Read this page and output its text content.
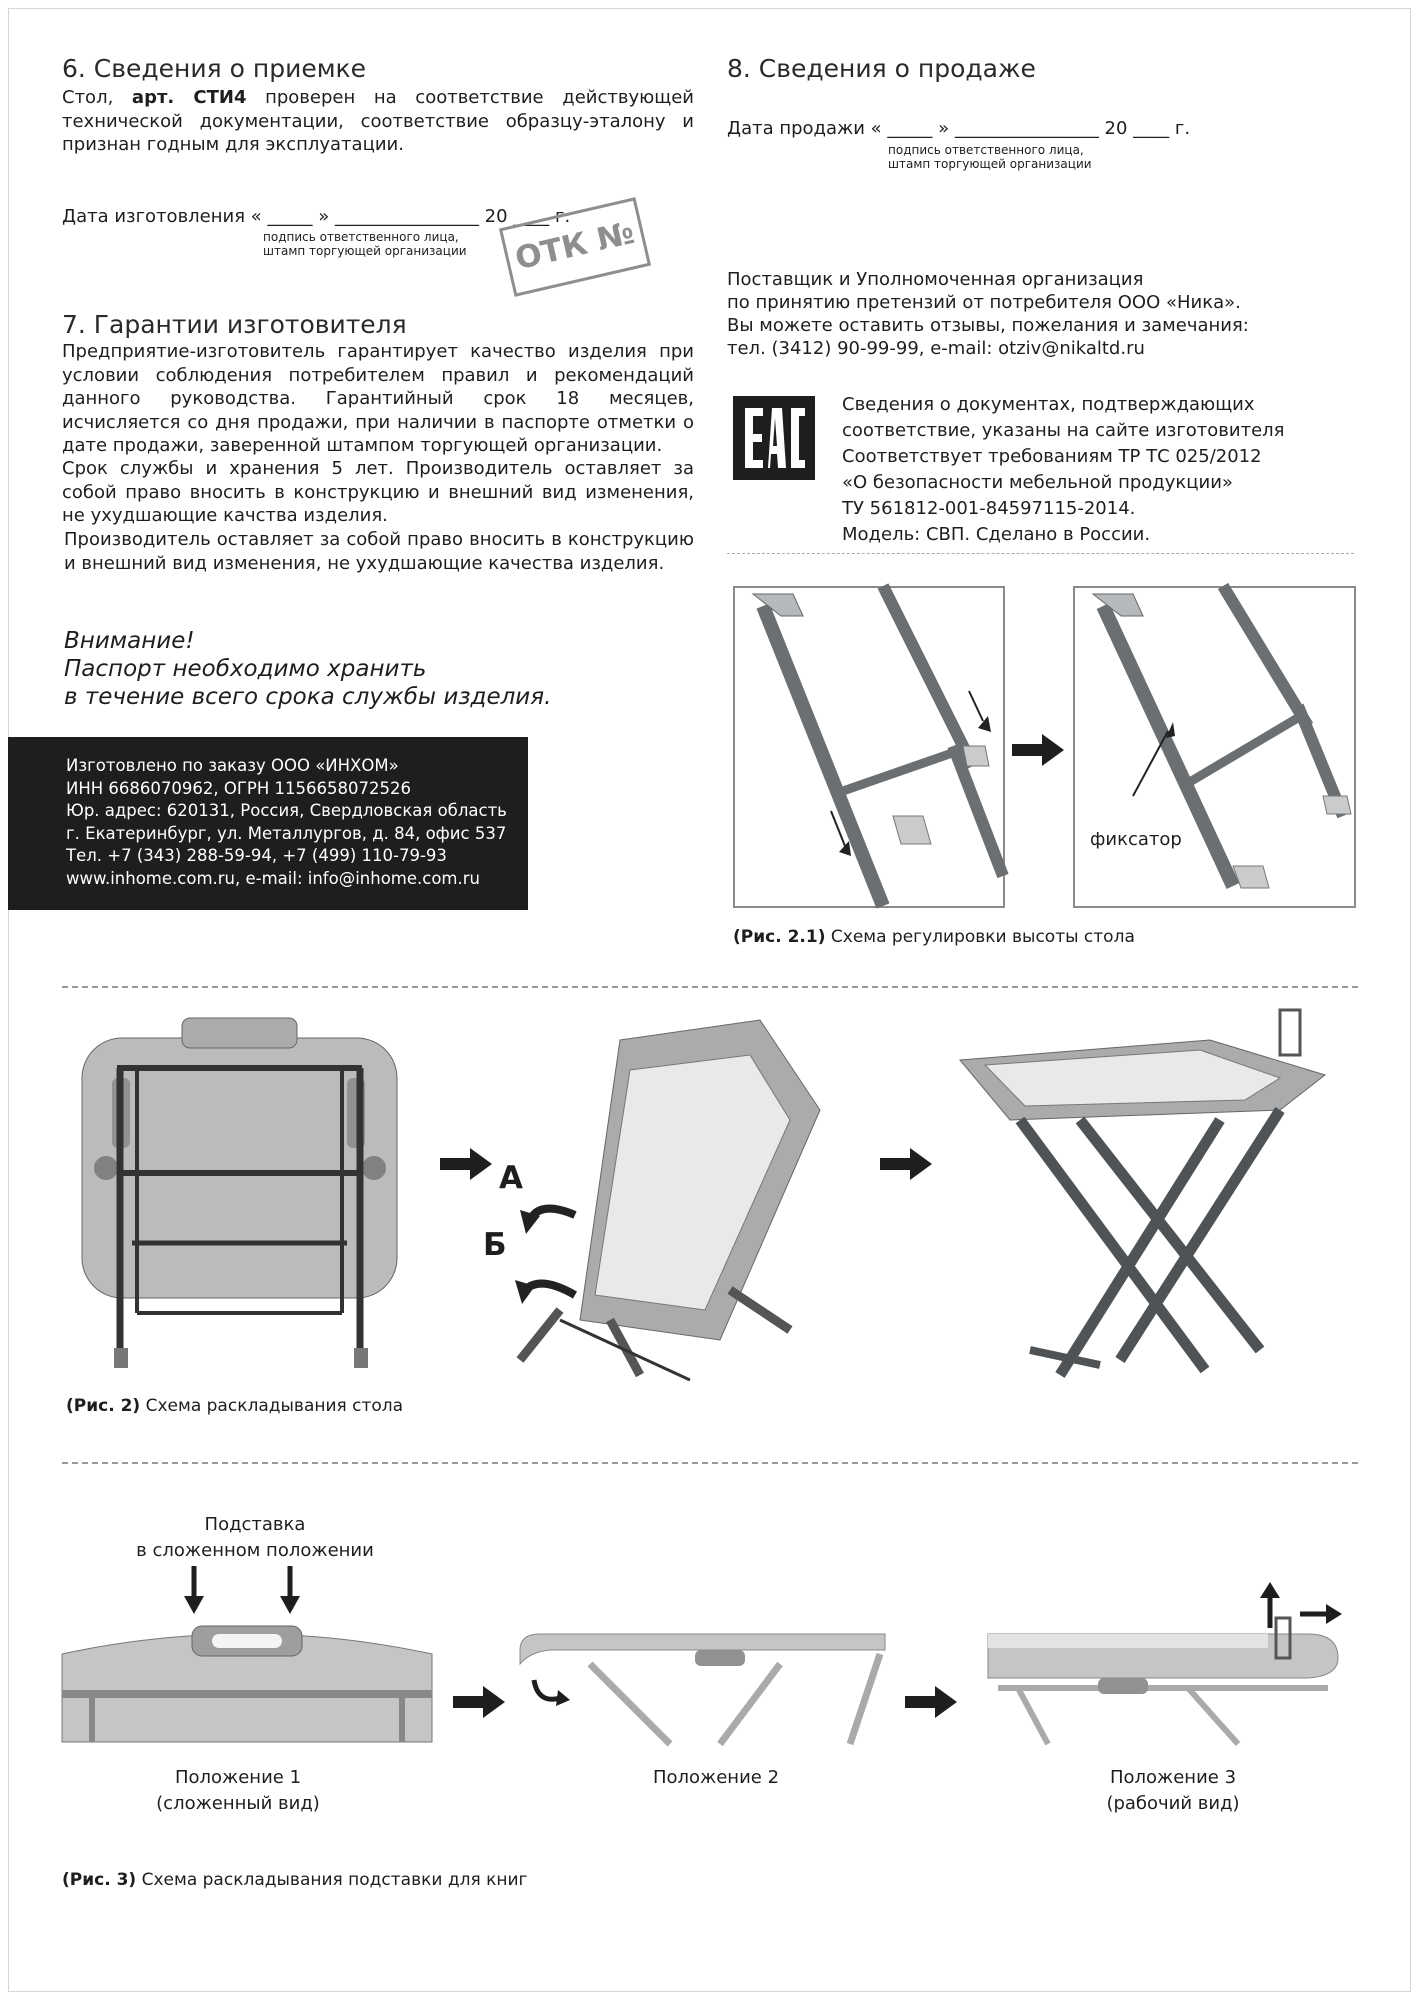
6. Сведения о приемке
Стол, арт. СТИ4 проверен на соответствие действующей технической документации, соответствие образцу-эталону и признан годным для эксплуатации.
Дата изготовления « _____ » ________________ 20 ____ г.
подпись ответственного лица,
штамп торгующей организации	ОТК №
7. Гарантии изготовителя
Предприятие-изготовитель гарантирует качество изделия при условии соблюдения потребителем правил и рекомендаций данного руководства. Гарантийный срок 18 месяцев, исчисляется со дня продажи, при наличии в паспорте отметки о дате продажи, заверенной штампом торгующей организации.
Срок службы и хранения 5 лет. Производитель оставляет за собой право вносить в конструкцию и внешний вид изменения, не ухудшающие качства изделия.
Производитель оставляет за собой право вносить в конструкцию и внешний вид изменения, не ухудшающие качества изделия.
Внимание!
Паспорт необходимо хранить
в течение всего срока службы изделия.
Изготовлено по заказу ООО «ИНХОМ»
ИНН 6686070962, ОГРН 1156658072526
Юр. адрес: 620131, Россия, Свердловская область
г. Екатеринбург, ул. Металлургов, д. 84, офис 537
Тел. +7 (343) 288-59-94, +7 (499) 110-79-93
www.inhome.com.ru, e-mail: info@inhome.com.ru
8. Сведения о продаже
Дата продажи « _____ » ________________ 20 ____ г.
подпись ответственного лица,
штамп торгующей организации
Поставщик и Уполномоченная организация
по принятию претензий от потребителя ООО «Ника».
Вы можете оставить отзывы, пожелания и замечания:
тел. (3412) 90-99-99, e-mail: otziv@nikaltd.ru
Сведения о документах, подтверждающих
соответствие, указаны на сайте изготовителя
Соответствует требованиям ТР ТС 025/2012
«О безопасности мебельной продукции»
ТУ 561812-001-84597115-2014.
Модель: СВП. Сделано в России.
фиксатор
(Рис. 2.1) Схема регулировки высоты стола
А
Б
(Рис. 2) Схема раскладывания стола
Подставка
в сложенном положении
Положение 1
(сложенный вид)
Положение 2	Положение 3
(рабочий вид)
(Рис. 3) Схема раскладывания подставки для книг
